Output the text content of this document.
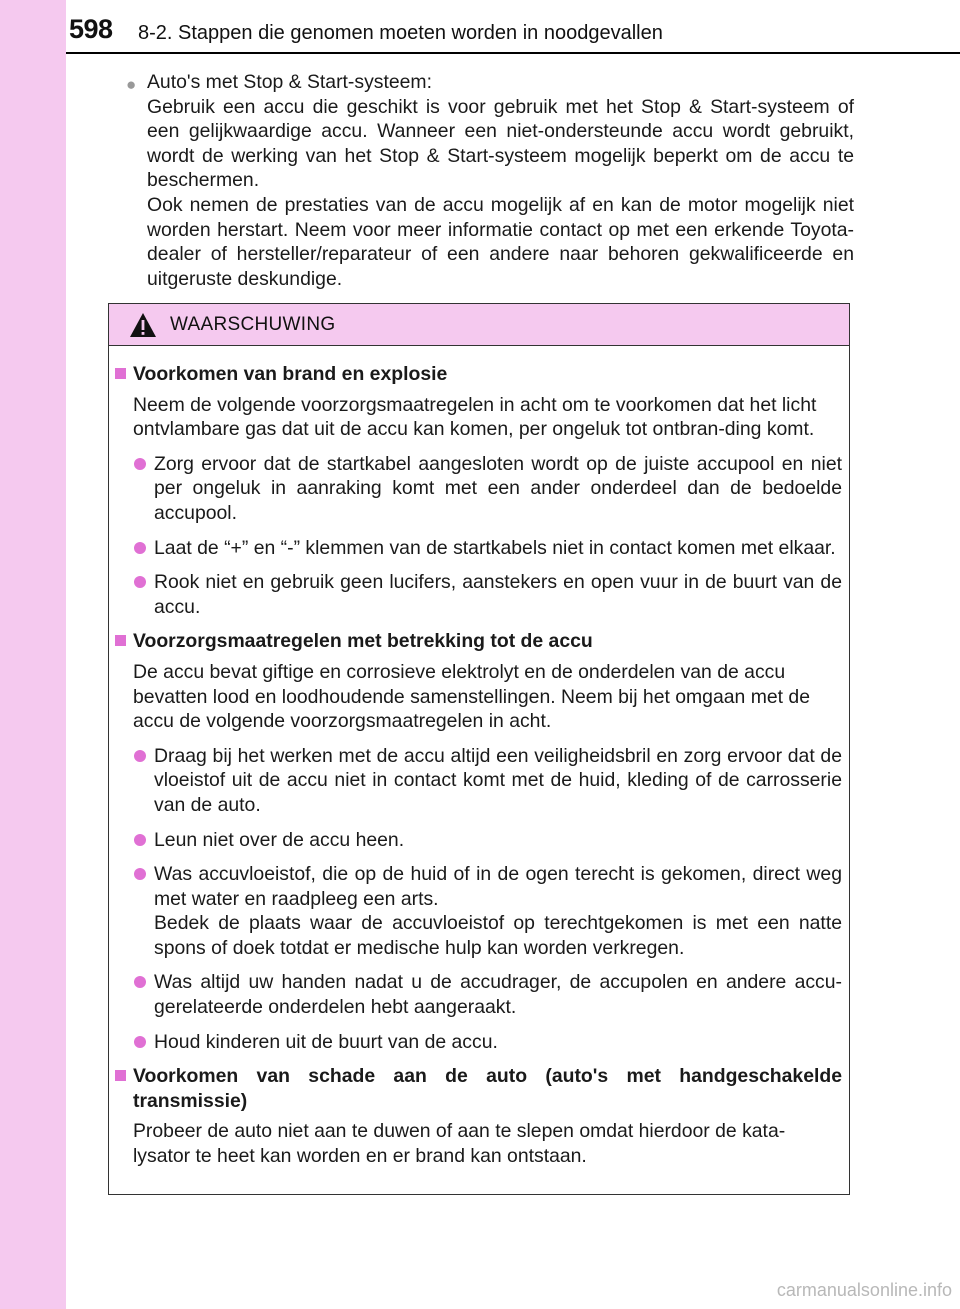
598 8-2. Stappen die genomen moeten worden in noodgevallen
● Auto's met Stop & Start-systeem:

Gebruik een accu die geschikt is voor gebruik met het Stop & Start-systeem of een gelijkwaardige accu. Wanneer een niet-ondersteunde accu wordt gebruikt, wordt de werking van het Stop & Start-systeem mogelijk beperkt om de accu te beschermen.

Ook nemen de prestaties van de accu mogelijk af en kan de motor mogelijk niet worden herstart. Neem voor meer informatie contact op met een erkende Toyota-dealer of hersteller/reparateur of een andere naar behoren gekwalificeerde en uitgeruste deskundige.

WAARSCHUWING
Voorkomen van brand en explosie
Neem de volgende voorzorgsmaatregelen in acht om te voorkomen dat het licht ontvlambare gas dat uit de accu kan komen, per ongeluk tot ontbran-ding komt.
Zorg ervoor dat de startkabel aangesloten wordt op de juiste accupool en niet per ongeluk in aanraking komt met een ander onderdeel dan de bedoelde accupool.
Laat de “+” en “-” klemmen van de startkabels niet in contact komen met elkaar.
Rook niet en gebruik geen lucifers, aanstekers en open vuur in de buurt van de accu.
Voorzorgsmaatregelen met betrekking tot de accu
De accu bevat giftige en corrosieve elektrolyt en de onderdelen van de accu bevatten lood en loodhoudende samenstellingen. Neem bij het omgaan met de accu de volgende voorzorgsmaatregelen in acht.
Draag bij het werken met de accu altijd een veiligheidsbril en zorg ervoor dat de vloeistof uit de accu niet in contact komt met de huid, kleding of de carrosserie van de auto.
Leun niet over de accu heen.
Was accuvloeistof, die op de huid of in de ogen terecht is gekomen, direct weg met water en raadpleeg een arts.
Bedek de plaats waar de accuvloeistof op terechtgekomen is met een natte spons of doek totdat er medische hulp kan worden verkregen.
Was altijd uw handen nadat u de accudrager, de accupolen en andere accu-gerelateerde onderdelen hebt aangeraakt.
Houd kinderen uit de buurt van de accu.
Voorkomen van schade aan de auto (auto's met handgeschakelde transmissie)
Probeer de auto niet aan te duwen of aan te slepen omdat hierdoor de kata-lysator te heet kan worden en er brand kan ontstaan.
carmanualsonline.info
